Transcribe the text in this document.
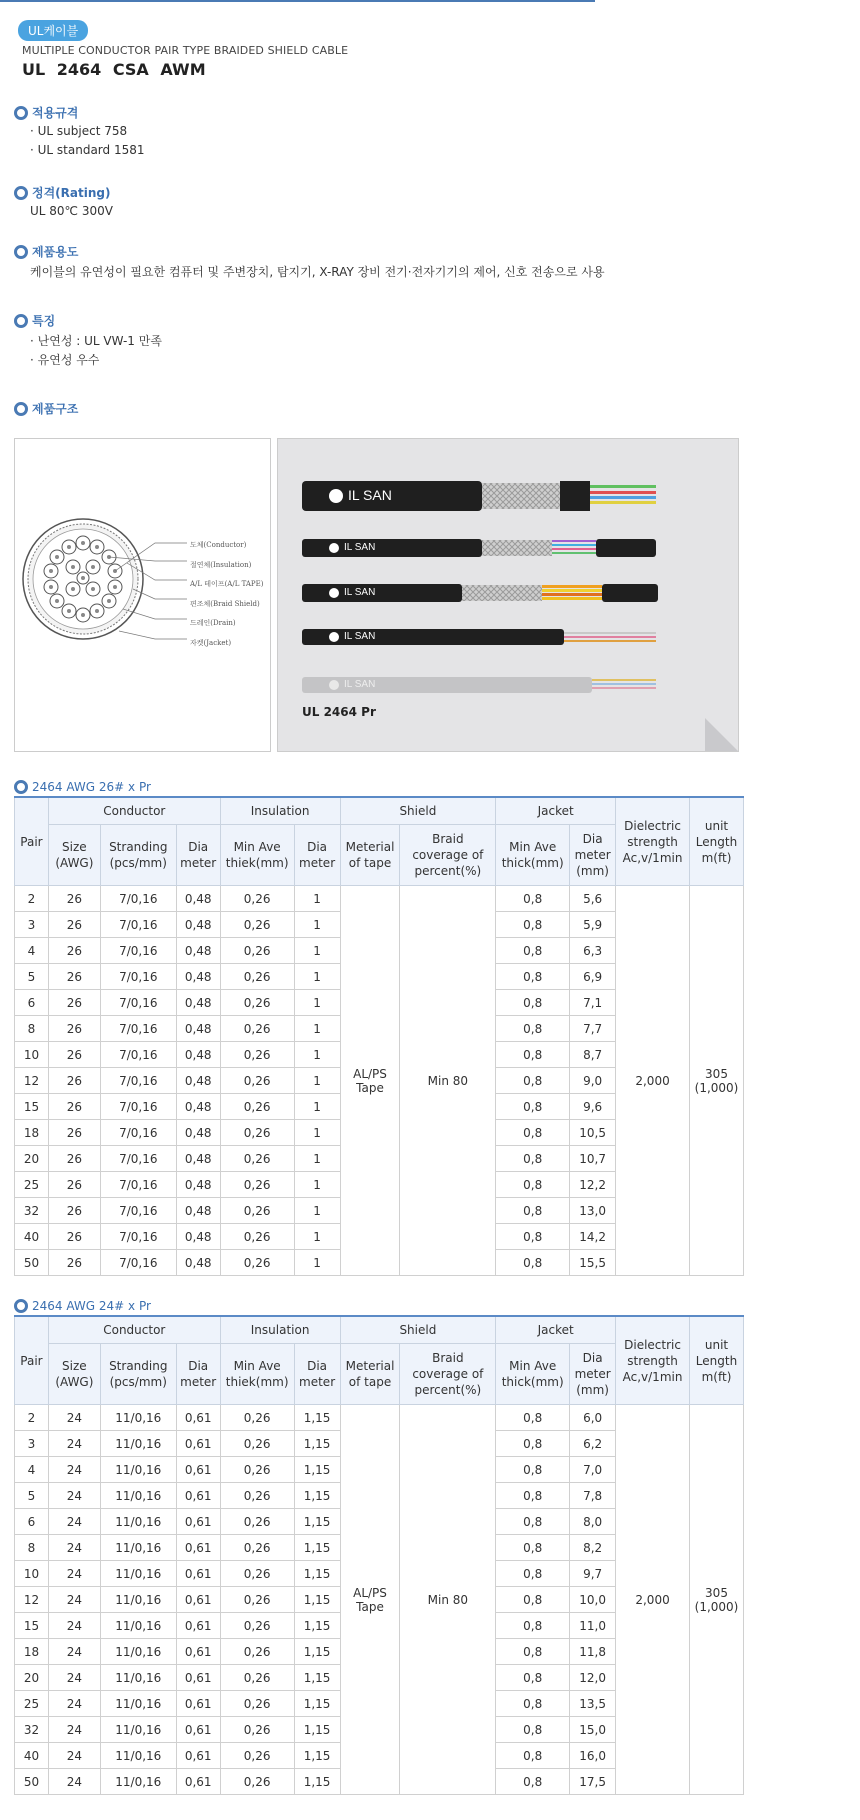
UL케이블
MULTIPLE CONDUCTOR PAIR TYPE BRAIDED SHIELD CABLE
UL 2464 CSA AWM
적용규격
· UL subject 758
· UL standard 1581
정격(Rating)
UL 80℃ 300V
제품용도
케이블의 유연성이 필요한 컴퓨터 및 주변장치, 탐지기, X-RAY 장비 전기·전자기기의 제어, 신호 전송으로 사용
특징
· 난연성 : UL VW-1 만족
· 유연성 우수
제품구조
도체(Conductor)
절연체(Insulation)
A/L 테이프(A/L TAPE)
편조체(Braid Shield)
드레인(Drain)
자켓(Jacket)
IL SAN
IL SAN
IL SAN
IL SAN
IL SAN
UL 2464 Pr
2464 AWG 26# x Pr
Pair	Conductor			Insulation		Shield		Jacket		Dielectric strength Ac,v/1min	unit Length m(ft)
	Size (AWG)	Stranding (pcs/mm)	Dia meter	Min Ave thiek(mm)	Dia meter	Meterial of tape	Braid coverage of percent(%)	Min Ave thick(mm)	Dia meter (mm)		
2	26	7/0,16	0,48	0,26	1	AL/PS Tape	Min 80	0,8	5,6	2,000	305 (1,000)
3	26	7/0,16	0,48	0,26	1			0,8	5,9		
4	26	7/0,16	0,48	0,26	1			0,8	6,3		
5	26	7/0,16	0,48	0,26	1			0,8	6,9		
6	26	7/0,16	0,48	0,26	1			0,8	7,1		
8	26	7/0,16	0,48	0,26	1			0,8	7,7		
10	26	7/0,16	0,48	0,26	1			0,8	8,7		
12	26	7/0,16	0,48	0,26	1			0,8	9,0		
15	26	7/0,16	0,48	0,26	1			0,8	9,6		
18	26	7/0,16	0,48	0,26	1			0,8	10,5		
20	26	7/0,16	0,48	0,26	1			0,8	10,7		
25	26	7/0,16	0,48	0,26	1			0,8	12,2		
32	26	7/0,16	0,48	0,26	1			0,8	13,0		
40	26	7/0,16	0,48	0,26	1			0,8	14,2		
50	26	7/0,16	0,48	0,26	1			0,8	15,5		
2464 AWG 24# x Pr
Pair	Conductor			Insulation		Shield		Jacket		Dielectric strength Ac,v/1min	unit Length m(ft)
	Size (AWG)	Stranding (pcs/mm)	Dia meter	Min Ave thiek(mm)	Dia meter	Meterial of tape	Braid coverage of percent(%)	Min Ave thick(mm)	Dia meter (mm)		
2	24	11/0,16	0,61	0,26	1,15	AL/PS Tape	Min 80	0,8	6,0	2,000	305 (1,000)
3	24	11/0,16	0,61	0,26	1,15			0,8	6,2		
4	24	11/0,16	0,61	0,26	1,15			0,8	7,0		
5	24	11/0,16	0,61	0,26	1,15			0,8	7,8		
6	24	11/0,16	0,61	0,26	1,15			0,8	8,0		
8	24	11/0,16	0,61	0,26	1,15			0,8	8,2		
10	24	11/0,16	0,61	0,26	1,15			0,8	9,7		
12	24	11/0,16	0,61	0,26	1,15			0,8	10,0		
15	24	11/0,16	0,61	0,26	1,15			0,8	11,0		
18	24	11/0,16	0,61	0,26	1,15			0,8	11,8		
20	24	11/0,16	0,61	0,26	1,15			0,8	12,0		
25	24	11/0,16	0,61	0,26	1,15			0,8	13,5		
32	24	11/0,16	0,61	0,26	1,15			0,8	15,0		
40	24	11/0,16	0,61	0,26	1,15			0,8	16,0		
50	24	11/0,16	0,61	0,26	1,15			0,8	17,5		
